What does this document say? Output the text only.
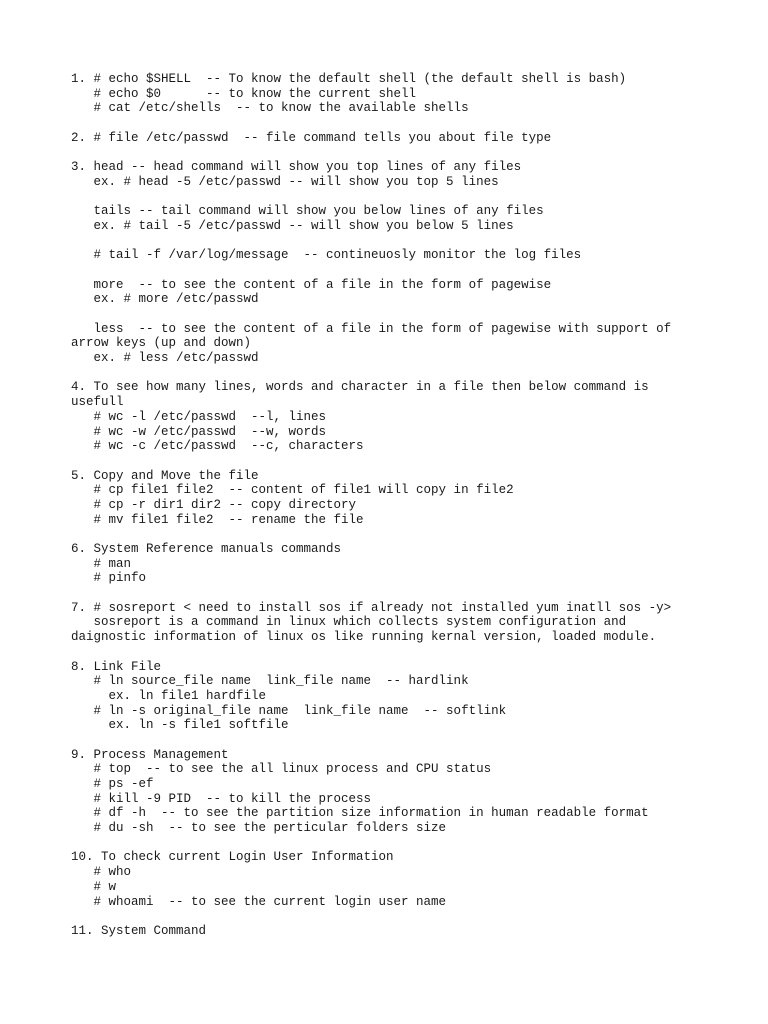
1. # echo $SHELL  -- To know the default shell (the default shell is bash)
# echo $0      -- to know the current shell
# cat /etc/shells  -- to know the available shells
2. # file /etc/passwd  -- file command tells you about file type
3. head -- head command will show you top lines of any files
ex. # head -5 /etc/passwd -- will show you top 5 lines
tails -- tail command will show you below lines of any files
ex. # tail -5 /etc/passwd -- will show you below 5 lines
# tail -f /var/log/message  -- contineuosly monitor the log files
more  -- to see the content of a file in the form of pagewise
ex. # more /etc/passwd
less  -- to see the content of a file in the form of pagewise with support of
arrow keys (up and down)
ex. # less /etc/passwd
4. To see how many lines, words and character in a file then below command is
usefull
# wc -l /etc/passwd  --l, lines
# wc -w /etc/passwd  --w, words
# wc -c /etc/passwd  --c, characters
5. Copy and Move the file
# cp file1 file2  -- content of file1 will copy in file2
# cp -r dir1 dir2 -- copy directory
# mv file1 file2  -- rename the file
6. System Reference manuals commands
# man
# pinfo
7. # sosreport < need to install sos if already not installed yum inatll sos -y>
sosreport is a command in linux which collects system configuration and
daignostic information of linux os like running kernal version, loaded module.
8. Link File
# ln source_file name  link_file name  -- hardlink
ex. ln file1 hardfile
# ln -s original_file name  link_file name  -- softlink
ex. ln -s file1 softfile
9. Process Management
# top  -- to see the all linux process and CPU status
# ps -ef
# kill -9 PID  -- to kill the process
# df -h  -- to see the partition size information in human readable format
# du -sh  -- to see the perticular folders size
10. To check current Login User Information
# who
# w
# whoami  -- to see the current login user name
11. System Command
